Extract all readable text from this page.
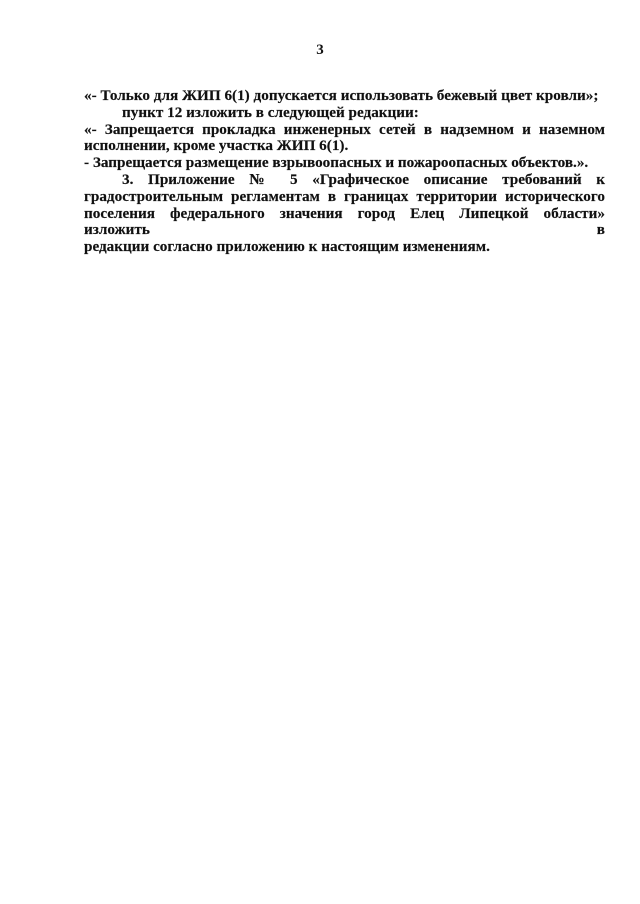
3

«- Только для ЖИП 6(1) допускается использовать бежевый цвет кровли»;

пункт 12 изложить в следующей редакции:

«- Запрещается прокладка инженерных сетей в надземном и наземном

исполнении, кроме участка ЖИП 6(1).

- Запрещается размещение взрывоопасных и пожароопасных объектов.».

3. Приложение № 5 «Графическое описание требований к

градостроительным регламентам в границах территории исторического

поселения федерального значения город Елец Липецкой области» изложить в

редакции согласно приложению к настоящим изменениям.
